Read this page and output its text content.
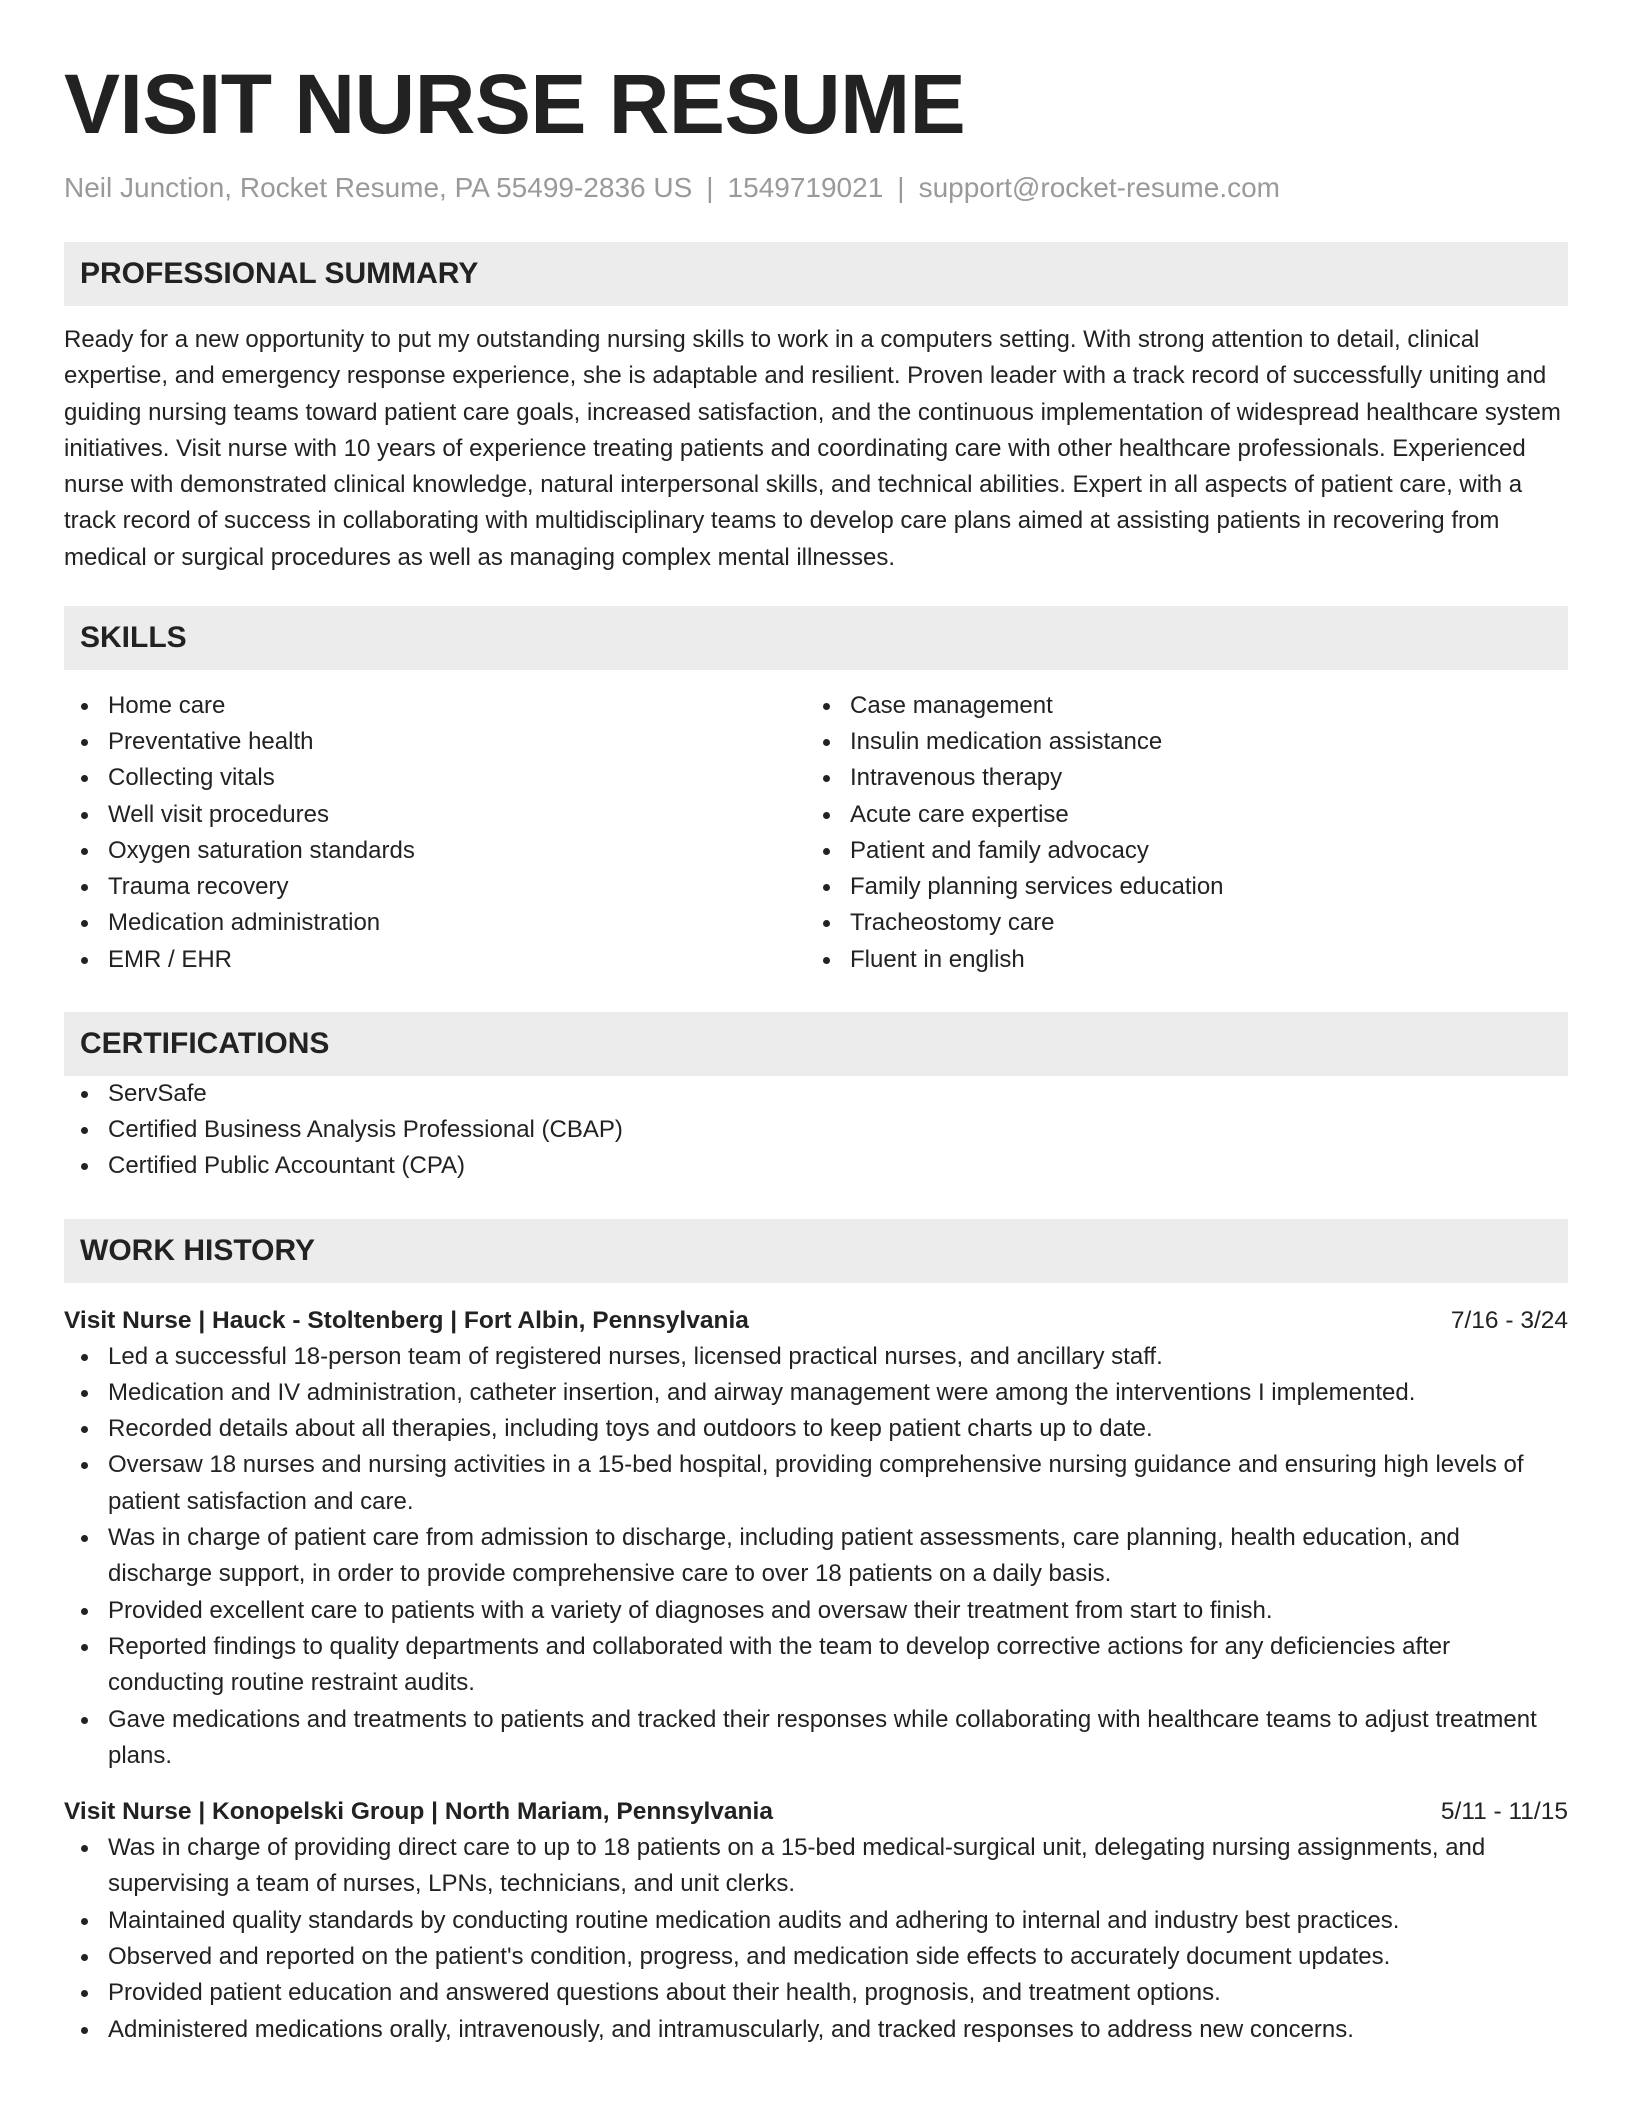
VISIT NURSE RESUME
Neil Junction, Rocket Resume, PA 55499-2836 US | 1549719021 | support@rocket-resume.com
PROFESSIONAL SUMMARY

Ready for a new opportunity to put my outstanding nursing skills to work in a computers setting. With strong attention to detail, clinical expertise, and emergency response experience, she is adaptable and resilient. Proven leader with a track record of successfully uniting and guiding nursing teams toward patient care goals, increased satisfaction, and the continuous implementation of widespread healthcare system initiatives. Visit nurse with 10 years of experience treating patients and coordinating care with other healthcare professionals. Experienced nurse with demonstrated clinical knowledge, natural interpersonal skills, and technical abilities. Expert in all aspects of patient care, with a track record of success in collaborating with multidisciplinary teams to develop care plans aimed at assisting patients in recovering from medical or surgical procedures as well as managing complex mental illnesses.

SKILLS
Home care
Preventative health
Collecting vitals
Well visit procedures
Oxygen saturation standards
Trauma recovery
Medication administration
EMR / EHR
Case management
Insulin medication assistance
Intravenous therapy
Acute care expertise
Patient and family advocacy
Family planning services education
Tracheostomy care
Fluent in english
CERTIFICATIONS
ServSafe
Certified Business Analysis Professional (CBAP)
Certified Public Accountant (CPA)
WORK HISTORY
Visit Nurse | Hauck - Stoltenberg | Fort Albin, Pennsylvania	7/16 - 3/24
Led a successful 18-person team of registered nurses, licensed practical nurses, and ancillary staff.
Medication and IV administration, catheter insertion, and airway management were among the interventions I implemented.
Recorded details about all therapies, including toys and outdoors to keep patient charts up to date.
Oversaw 18 nurses and nursing activities in a 15-bed hospital, providing comprehensive nursing guidance and ensuring high levels of patient satisfaction and care.
Was in charge of patient care from admission to discharge, including patient assessments, care planning, health education, and discharge support, in order to provide comprehensive care to over 18 patients on a daily basis.
Provided excellent care to patients with a variety of diagnoses and oversaw their treatment from start to finish.
Reported findings to quality departments and collaborated with the team to develop corrective actions for any deficiencies after conducting routine restraint audits.
Gave medications and treatments to patients and tracked their responses while collaborating with healthcare teams to adjust treatment plans.
Visit Nurse | Konopelski Group | North Mariam, Pennsylvania	5/11 - 11/15
Was in charge of providing direct care to up to 18 patients on a 15-bed medical-surgical unit, delegating nursing assignments, and supervising a team of nurses, LPNs, technicians, and unit clerks.
Maintained quality standards by conducting routine medication audits and adhering to internal and industry best practices.
Observed and reported on the patient's condition, progress, and medication side effects to accurately document updates.
Provided patient education and answered questions about their health, prognosis, and treatment options.
Administered medications orally, intravenously, and intramuscularly, and tracked responses to address new concerns.
